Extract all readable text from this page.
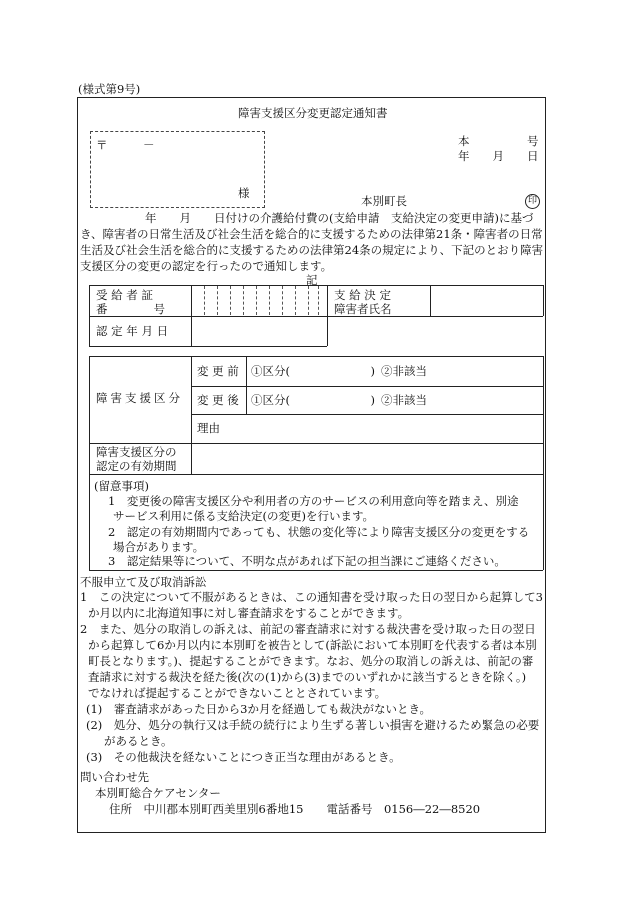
(様式第9号)
障害支援区分変更認定通知書
本　　　　　号
年　　月　　日
〒	－
様
本別町長	印
年　　月　　日付けの介護給付費の(支給申請　支給決定の変更申請)に基づ
き、障害者の日常生活及び社会生活を総合的に支援するための法律第21条・障害者の日常
生活及び社会生活を総合的に支援するための法律第24条の規定により、下記のとおり障害
支援区分の変更の認定を行ったので通知します。
記
受 給 者 証
番　　　　号
支 給 決 定
障害者氏名
認 定 年 月 日
障害支援区分
変 更 前 ①区分(　　　　　　　) ②非該当
変 更 後 ①区分(　　　　　　　) ②非該当
理由
障害支援区分の
認定の有効期間
(留意事項)
1　変更後の障害支援区分や利用者の方のサービスの利用意向等を踏まえ、別途
サービス利用に係る支給決定(の変更)を行います。
2　認定の有効期間内であっても、状態の変化等により障害支援区分の変更をする
場合があります。
3　認定結果等について、不明な点があれば下記の担当課にご連絡ください。
不服申立て及び取消訴訟
1　この決定について不服があるときは、この通知書を受け取った日の翌日から起算して3
か月以内に北海道知事に対し審査請求をすることができます。
2　また、処分の取消しの訴えは、前記の審査請求に対する裁決書を受け取った日の翌日
から起算して6か月以内に本別町を被告として(訴訟において本別町を代表する者は本別
町長となります。)、提起することができます。なお、処分の取消しの訴えは、前記の審
査請求に対する裁決を経た後(次の(1)から(3)までのいずれかに該当するときを除く。)
でなければ提起することができないこととされています。
(1)　審査請求があった日から3か月を経過しても裁決がないとき。
(2)　処分、処分の執行又は手続の続行により生ずる著しい損害を避けるため緊急の必要
があるとき。
(3)　その他裁決を経ないことにつき正当な理由があるとき。
問い合わせ先
本別町総合ケアセンター
住所　中川郡本別町西美里別6番地15　　電話番号　0156―22―8520
